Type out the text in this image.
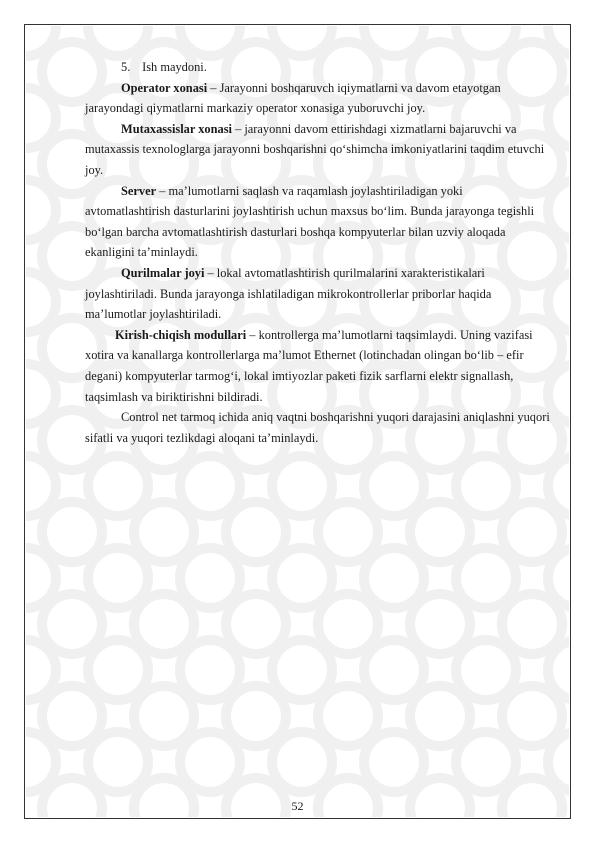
5. Ish maydoni.

Operator xonasi – Jarayonni boshqaruvch iqiymatlarni va davom etayotgan jarayondagi qiymatlarni markaziy operator xonasiga yuboruvchi joy.

Mutaxassislar xonasi – jarayonni davom ettirishdagi xizmatlarni bajaruvchi va mutaxassis texnologlarga jarayonni boshqarishni qo‘shimcha imkoniyatlarini taqdim etuvchi joy.

Server – ma’lumotlarni saqlash va raqamlash joylashtiriladigan yoki avtomatlashtirish dasturlarini joylashtirish uchun maxsus bo‘lim. Bunda jarayonga tegishli bo‘lgan barcha avtomatlashtirish dasturlari boshqa kompyuterlar bilan uzviy aloqada ekanligini ta’minlaydi.

Qurilmalar joyi – lokal avtomatlashtirish qurilmalarini xarakteristikalari joylashtiriladi. Bunda jarayonga ishlatiladigan mikrokontrollerlar priborlar haqida ma’lumotlar joylashtiriladi.

Kirish-chiqish modullari – kontrollerga ma’lumotlarni taqsimlaydi. Uning vazifasi xotira va kanallarga kontrollerlarga ma’lumot Ethernet (lotinchadan olingan bo‘lib – efir degani) kompyuterlar tarmog‘i, lokal imtiyozlar paketi fizik sarflarni elektr signallash, taqsimlash va biriktirishni bildiradi.

Control net tarmoq ichida aniq vaqtni boshqarishni yuqori darajasini aniqlashni yuqori sifatli va yuqori tezlikdagi aloqani ta’minlaydi.

52
